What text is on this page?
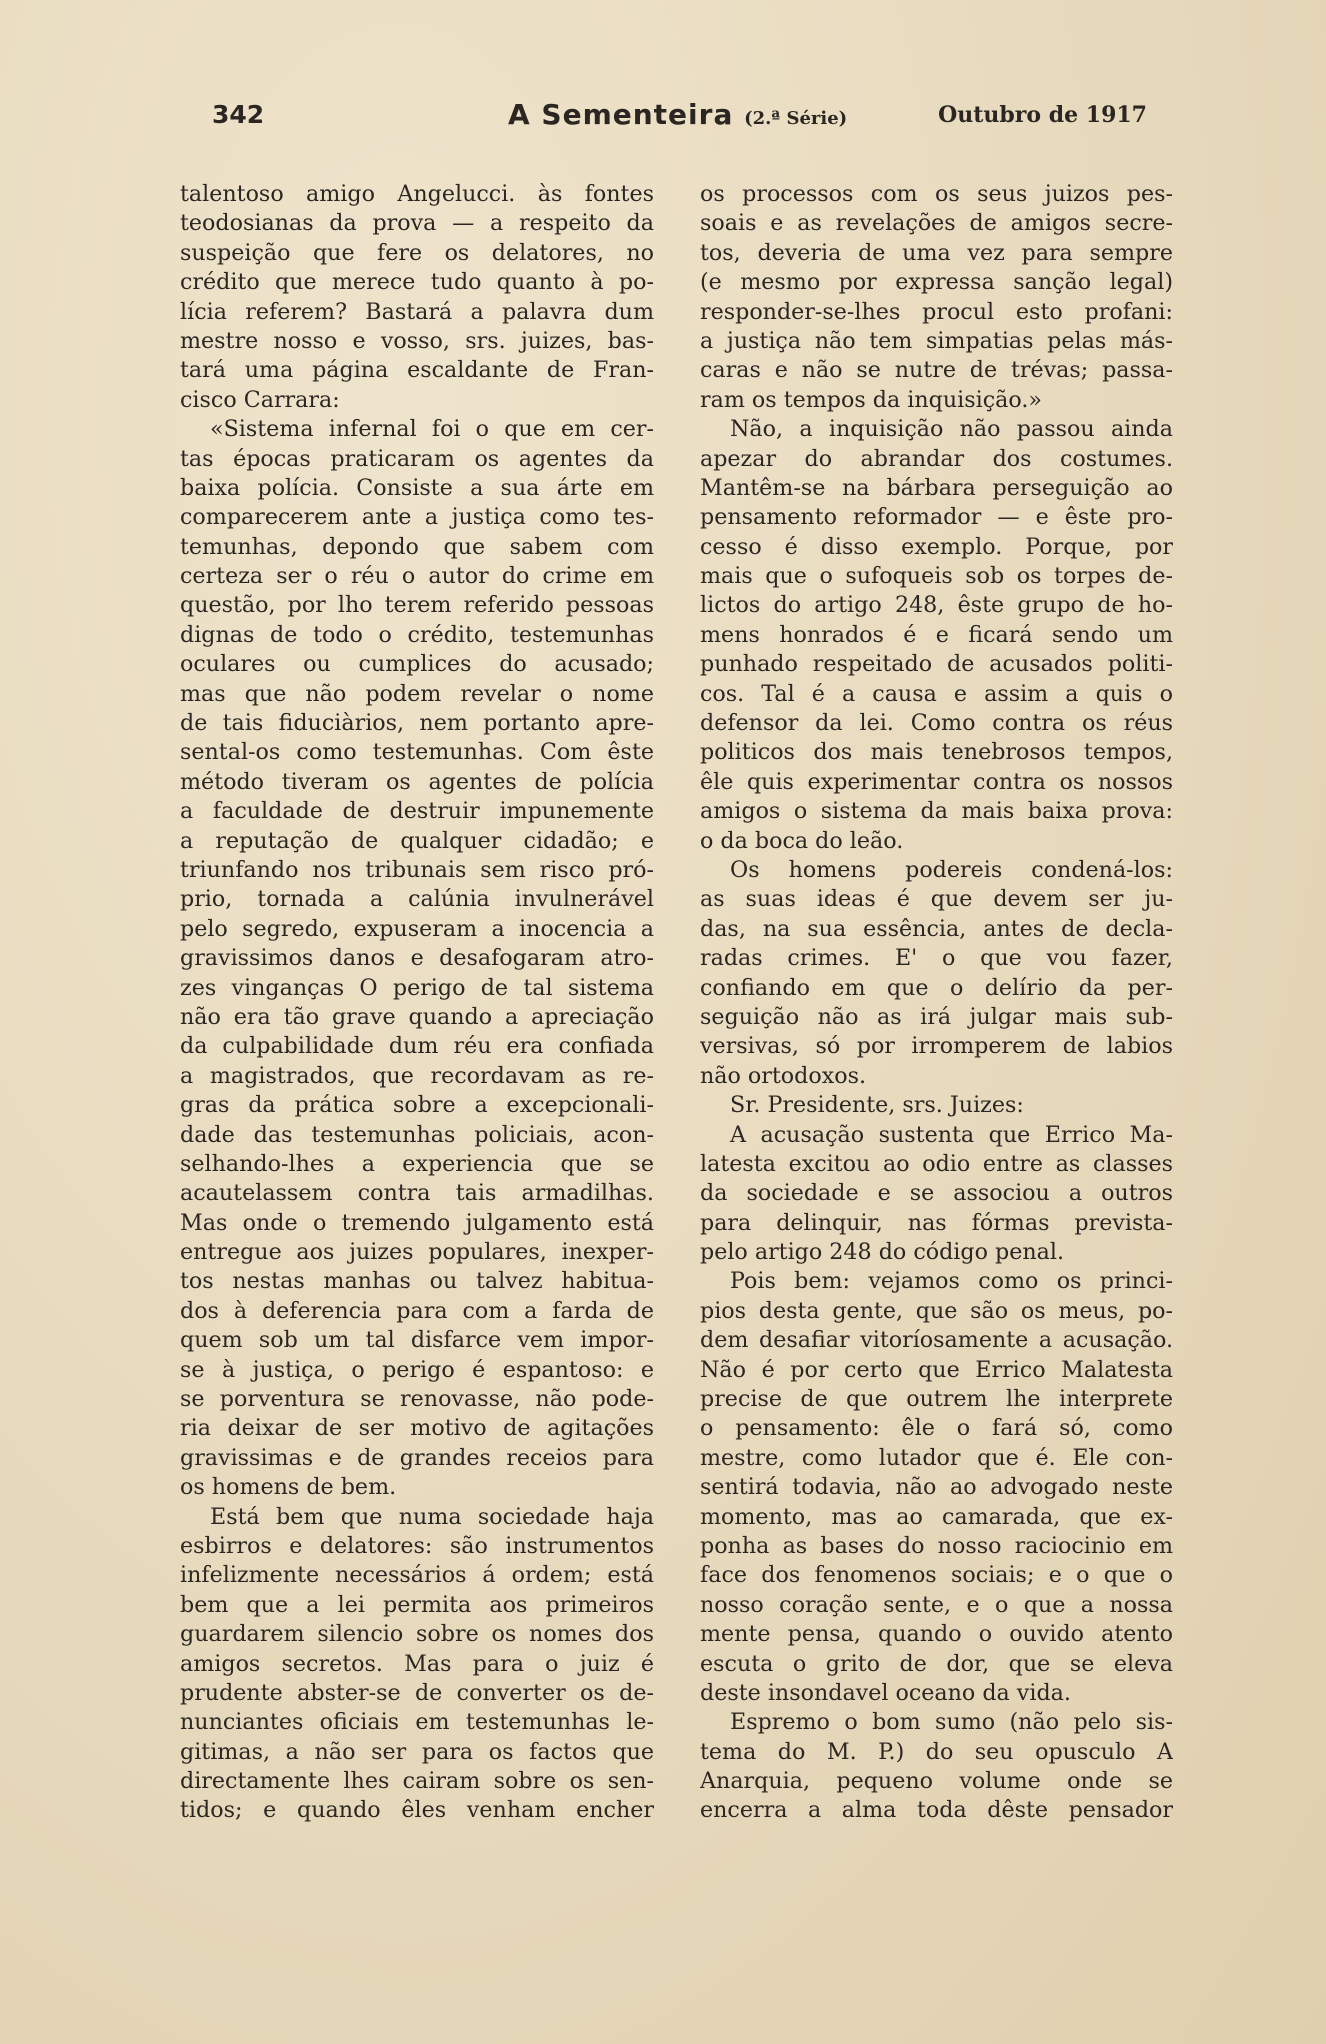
342	A Sementeira (2.ª Série)	Outubro de 1917
talentoso amigo Angelucci. às fontes
teodosianas da prova — a respeito da
suspeição que fere os delatores, no
crédito que merece tudo quanto à po-
lícia referem? Bastará a palavra dum
mestre nosso e vosso, srs. juizes, bas-
tará uma página escaldante de Fran-
cisco Carrara:
«Sistema infernal foi o que em cer-
tas épocas praticaram os agentes da
baixa polícia. Consiste a sua árte em
comparecerem ante a justiça como tes-
temunhas, depondo que sabem com
certeza ser o réu o autor do crime em
questão, por lho terem referido pessoas
dignas de todo o crédito, testemunhas
oculares ou cumplices do acusado;
mas que não podem revelar o nome
de tais fiduciàrios, nem portanto apre-
sental-os como testemunhas. Com êste
método tiveram os agentes de polícia
a faculdade de destruir impunemente
a reputação de qualquer cidadão; e
triunfando nos tribunais sem risco pró-
prio, tornada a calúnia invulnerável
pelo segredo, expuseram a inocencia a
gravissimos danos e desafogaram atro-
zes vinganças O perigo de tal sistema
não era tão grave quando a apreciação
da culpabilidade dum réu era confiada
a magistrados, que recordavam as re-
gras da prática sobre a excepcionali-
dade das testemunhas policiais, acon-
selhando-lhes a experiencia que se
acautelassem contra tais armadilhas.
Mas onde o tremendo julgamento está
entregue aos juizes populares, inexper-
tos nestas manhas ou talvez habitua-
dos à deferencia para com a farda de
quem sob um tal disfarce vem impor-
se à justiça, o perigo é espantoso: e
se porventura se renovasse, não pode-
ria deixar de ser motivo de agitações
gravissimas e de grandes receios para
os homens de bem.
Está bem que numa sociedade haja
esbirros e delatores: são instrumentos
infelizmente necessários á ordem; está
bem que a lei permita aos primeiros
guardarem silencio sobre os nomes dos
amigos secretos. Mas para o juiz é
prudente abster-se de converter os de-
nunciantes oficiais em testemunhas le-
gitimas, a não ser para os factos que
directamente lhes cairam sobre os sen-
tidos; e quando êles venham encher
os processos com os seus juizos pes-
soais e as revelações de amigos secre-
tos, deveria de uma vez para sempre
(e mesmo por expressa sanção legal)
responder-se-lhes procul esto profani:
a justiça não tem simpatias pelas más-
caras e não se nutre de trévas; passa-
ram os tempos da inquisição.»
Não, a inquisição não passou ainda
apezar do abrandar dos costumes.
Mantêm-se na bárbara perseguição ao
pensamento reformador — e êste pro-
cesso é disso exemplo. Porque, por
mais que o sufoqueis sob os torpes de-
lictos do artigo 248, êste grupo de ho-
mens honrados é e ficará sendo um
punhado respeitado de acusados politi-
cos. Tal é a causa e assim a quis o
defensor da lei. Como contra os réus
politicos dos mais tenebrosos tempos,
êle quis experimentar contra os nossos
amigos o sistema da mais baixa prova:
o da boca do leão.
Os homens podereis condená-los:
as suas ideas é que devem ser ju-
das, na sua essência, antes de decla-
radas crimes. E' o que vou fazer,
confiando em que o delírio da per-
seguição não as irá julgar mais sub-
versivas, só por irromperem de labios
não ortodoxos.
Sr. Presidente, srs. Juizes:
A acusação sustenta que Errico Ma-
latesta excitou ao odio entre as classes
da sociedade e se associou a outros
para delinquir, nas fórmas prevista-
pelo artigo 248 do código penal.
Pois bem: vejamos como os princi-
pios desta gente, que são os meus, po-
dem desafiar vitoríosamente a acusação.
Não é por certo que Errico Malatesta
precise de que outrem lhe interprete
o pensamento: êle o fará só, como
mestre, como lutador que é. Ele con-
sentirá todavia, não ao advogado neste
momento, mas ao camarada, que ex-
ponha as bases do nosso raciocinio em
face dos fenomenos sociais; e o que o
nosso coração sente, e o que a nossa
mente pensa, quando o ouvido atento
escuta o grito de dor, que se eleva
deste insondavel oceano da vida.
Espremo o bom sumo (não pelo sis-
tema do M. P.) do seu opusculo A
Anarquia, pequeno volume onde se
encerra a alma toda dêste pensador
